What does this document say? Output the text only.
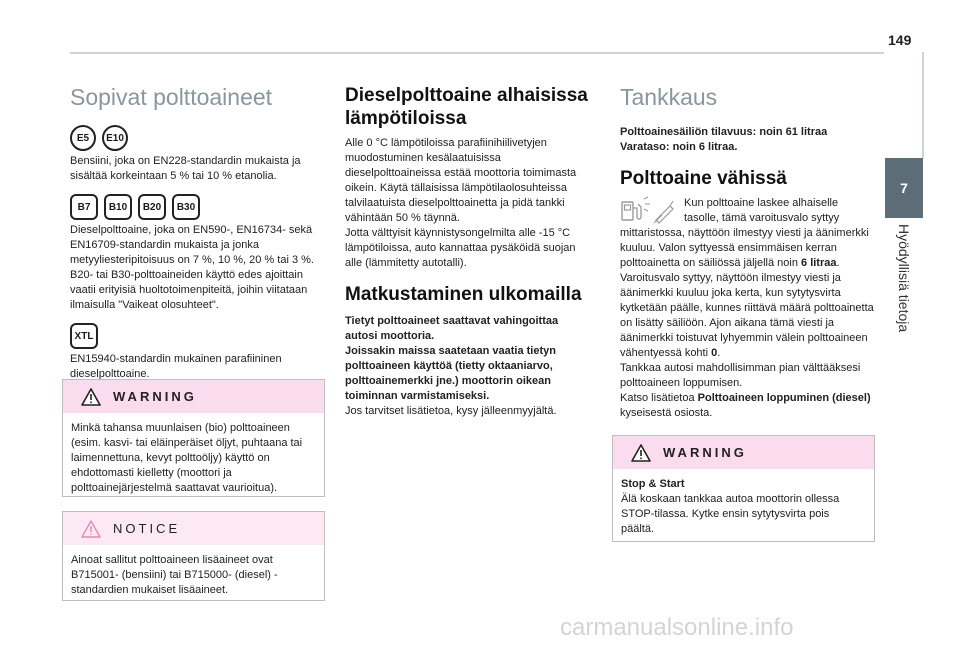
149
7
Hyödyllisiä tietoja
Sopivat polttoaineet
E5	E10

Bensiini, joka on EN228-standardin mukaista ja sisältää korkeintaan 5 % tai 10 % etanolia.

B7	B10	B20	B30

Dieselpolttoaine, joka on EN590-, EN16734- sekä EN16709-standardin mukaista ja jonka metyyliesteripitoisuus on 7 %, 10 %, 20 % tai 3 %. B20- tai B30-polttoaineiden käyttö edes ajoittain vaatii erityisiä huoltotoimenpiteitä, joihin viitataan ilmaisulla "Vaikeat olosuhteet".

XTL

EN15940-standardin mukainen parafiininen dieselpolttoaine.

WARNING

Minkä tahansa muunlaisen (bio) polttoaineen (esim. kasvi- tai eläinperäiset öljyt, puhtaana tai laimennettuna, kevyt polttoöljy) käyttö on ehdottomasti kielletty (moottori ja polttoainejärjestelmä saattavat vaurioitua).

NOTICE

Ainoat sallitut polttoaineen lisäaineet ovat B715001- (bensiini) tai B715000- (diesel) -standardien mukaiset lisäaineet.

Dieselpolttoaine alhaisissa lämpötiloissa

Alle 0 °C lämpötiloissa parafiinihiilivetyjen muodostuminen kesälaatuisissa dieselpolttoaineissa estää moottoria toimimasta oikein. Käytä tällaisissa lämpötilaolosuhteissa talvilaatuista dieselpolttoainetta ja pidä tankki vähintään 50 % täynnä.

Jotta välttyisit käynnistysongelmilta alle -15 °C lämpötiloissa, auto kannattaa pysäköidä suojan alle (lämmitetty autotalli).

Matkustaminen ulkomailla

Tietyt polttoaineet saattavat vahingoittaa autosi moottoria.

Joissakin maissa saatetaan vaatia tietyn polttoaineen käyttöä (tietty oktaaniarvo, polttoainemerkki jne.) moottorin oikean toiminnan varmistamiseksi.

Jos tarvitset lisätietoa, kysy jälleenmyyjältä.

Tankkaus

Polttoainesäiliön tilavuus: noin 61 litraa

Varataso: noin 6 litraa.

Polttoaine vähissä

Kun polttoaine laskee alhaiselle tasolle, tämä varoitusvalo syttyy mittaristossa, näyttöön ilmestyy viesti ja äänimerkki kuuluu. Valon syttyessä ensimmäisen kerran polttoainetta on säiliössä jäljellä noin 6 litraa.

Varoitusvalo syttyy, näyttöön ilmestyy viesti ja äänimerkki kuuluu joka kerta, kun sytytysvirta kytketään päälle, kunnes riittävä määrä polttoainetta on lisätty säiliöön. Ajon aikana tämä viesti ja äänimerkki toistuvat lyhyemmin välein polttoaineen vähentyessä kohti 0.

Tankkaa autosi mahdollisimman pian välttääksesi polttoaineen loppumisen.

Katso lisätietoa Polttoaineen loppuminen (diesel) kyseisestä osiosta.

WARNING

Stop & Start

Älä koskaan tankkaa autoa moottorin ollessa STOP-tilassa. Kytke ensin sytytysvirta pois päältä.

carmanualsonline.info
